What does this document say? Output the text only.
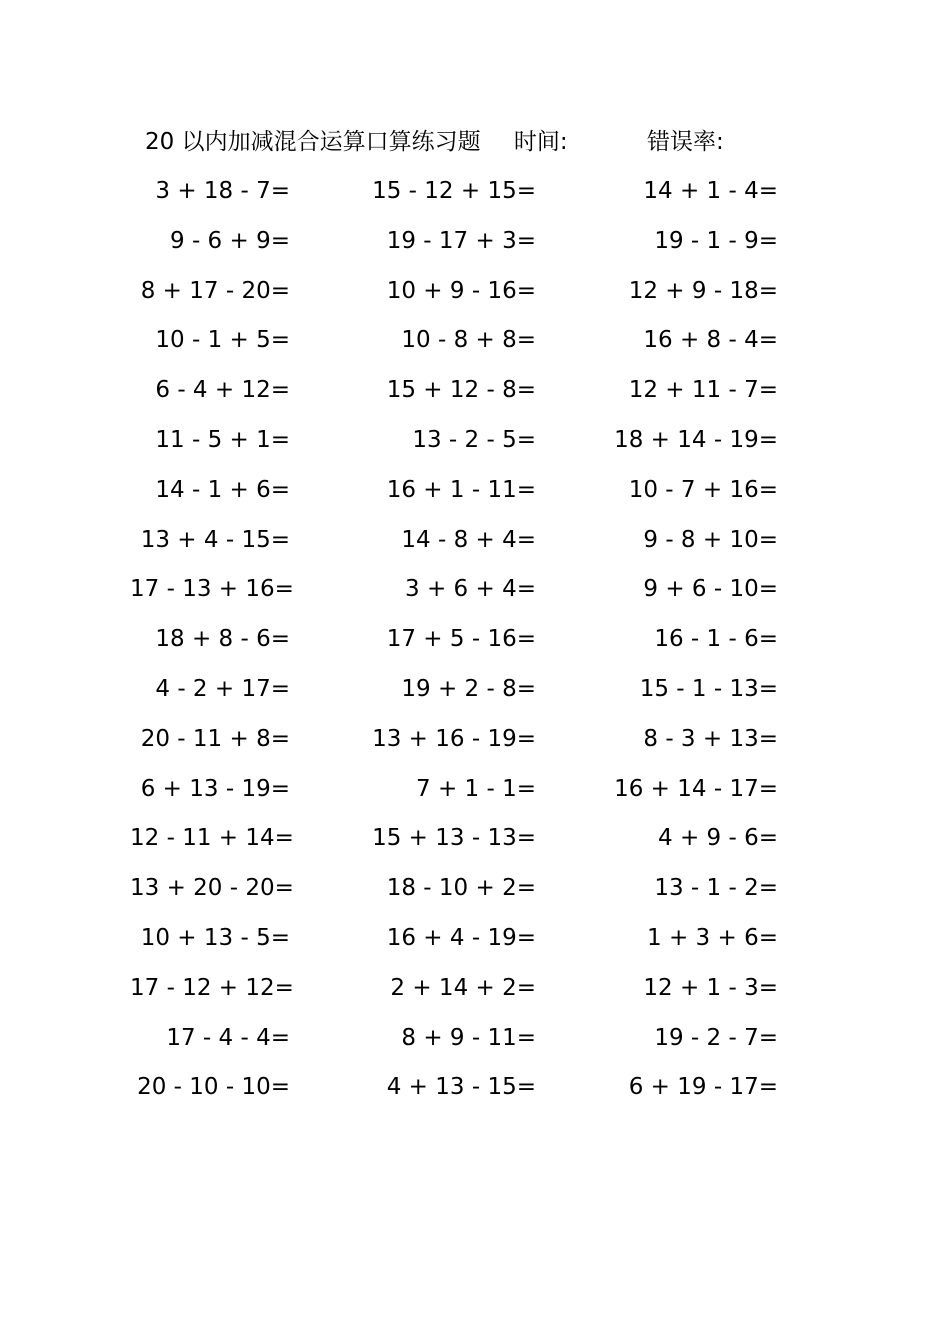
20 以内加减混合运算口算练习题 时间:	错误率:
3 + 18 - 7=	15 - 12 + 15=	14 + 1 - 4=
9 - 6 + 9=	19 - 17 + 3=	19 - 1 - 9=
8 + 17 - 20=	10 + 9 - 16=	12 + 9 - 18=
10 - 1 + 5=	10 - 8 + 8=	16 + 8 - 4=
6 - 4 + 12=	15 + 12 - 8=	12 + 11 - 7=
11 - 5 + 1=	13 - 2 - 5=	18 + 14 - 19=
14 - 1 + 6=	16 + 1 - 11=	10 - 7 + 16=
13 + 4 - 15=	14 - 8 + 4=	9 - 8 + 10=
17 - 13 + 16=	3 + 6 + 4=	9 + 6 - 10=
18 + 8 - 6=	17 + 5 - 16=	16 - 1 - 6=
4 - 2 + 17=	19 + 2 - 8=	15 - 1 - 13=
20 - 11 + 8=	13 + 16 - 19=	8 - 3 + 13=
6 + 13 - 19=	7 + 1 - 1=	16 + 14 - 17=
12 - 11 + 14=	15 + 13 - 13=	4 + 9 - 6=
13 + 20 - 20=	18 - 10 + 2=	13 - 1 - 2=
10 + 13 - 5=	16 + 4 - 19=	1 + 3 + 6=
17 - 12 + 12=	2 + 14 + 2=	12 + 1 - 3=
17 - 4 - 4=	8 + 9 - 11=	19 - 2 - 7=
20 - 10 - 10=	4 + 13 - 15=	6 + 19 - 17=
